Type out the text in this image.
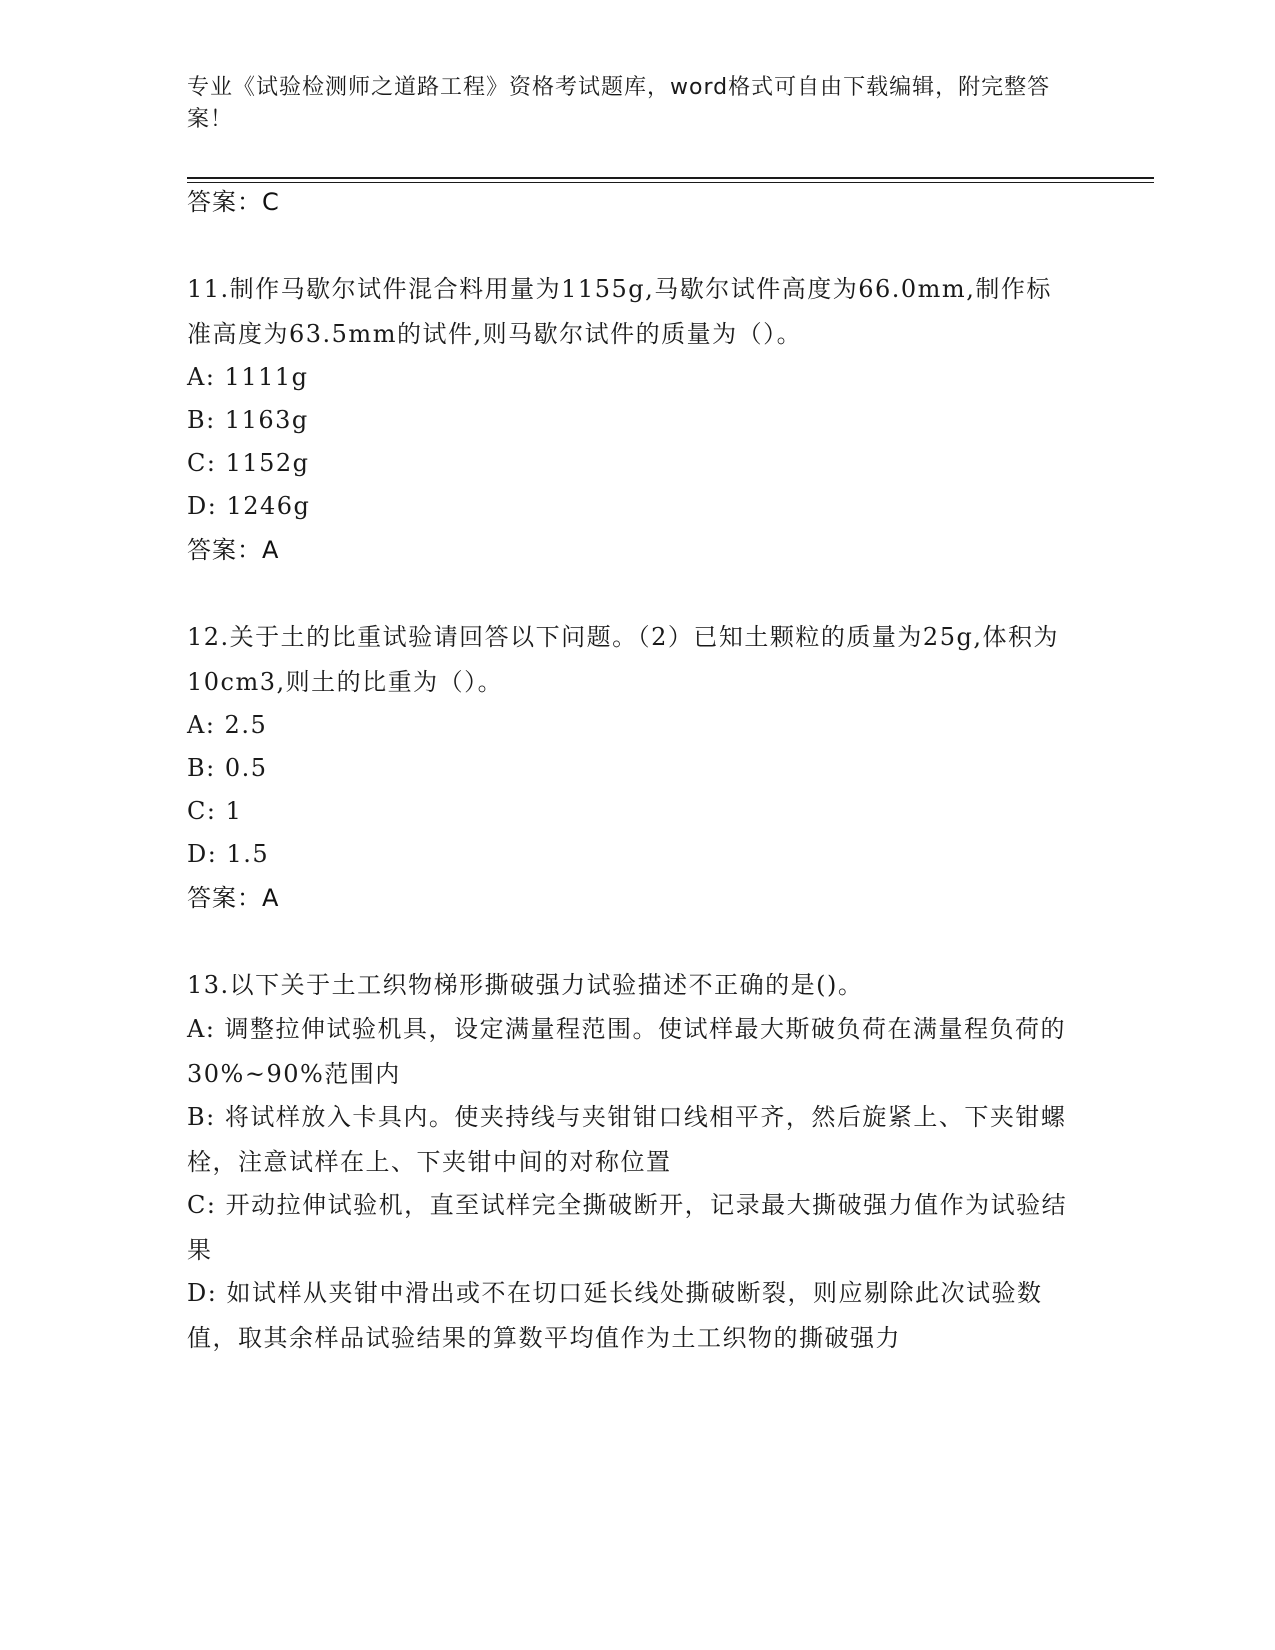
专业《试验检测师之道路工程》资格考试题库，word格式可自由下载编辑，附完整答案！
答案：C
11.制作马歇尔试件混合料用量为1155g,马歇尔试件高度为66.0mm,制作标准高度为63.5mm的试件,则马歇尔试件的质量为（）。
A: 1111g
B: 1163g
C: 1152g
D: 1246g
答案：A
12.关于土的比重试验请回答以下问题。（2）已知土颗粒的质量为25g,体积为10cm3,则土的比重为（）。
A: 2.5
B: 0.5
C: 1
D: 1.5
答案：A
13.以下关于土工织物梯形撕破强力试验描述不正确的是()。
A: 调整拉伸试验机具，设定满量程范围。使试样最大斯破负荷在满量程负荷的30%~90%范围内
B: 将试样放入卡具内。使夹持线与夹钳钳口线相平齐，然后旋紧上、下夹钳螺栓，注意试样在上、下夹钳中间的对称位置
C: 开动拉伸试验机，直至试样完全撕破断开，记录最大撕破强力值作为试验结果
D: 如试样从夹钳中滑出或不在切口延长线处撕破断裂，则应剔除此次试验数值，取其余样品试验结果的算数平均值作为土工织物的撕破强力
